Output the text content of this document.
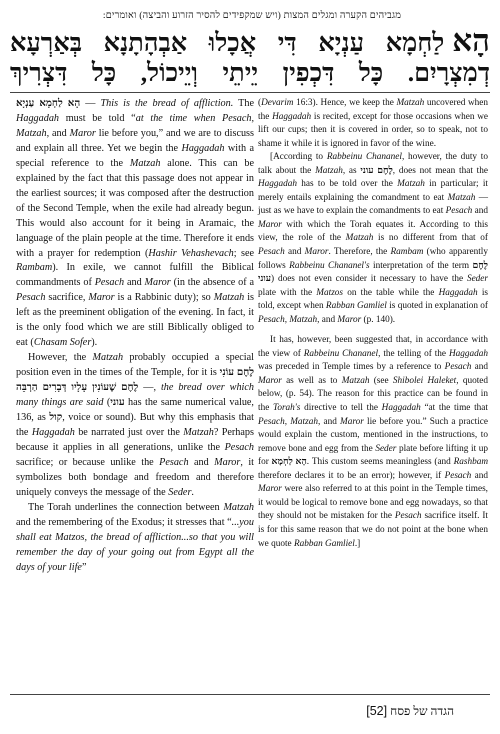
מגביהים הקערה ומגלים המצות (ויש שמקפידים להסיר הזרוע והביצה) ואומרים:
הָאלַחְמָא עַנְיָא דִּי אֲכָלוּ אַבְהָתָנָא בְּאַרְעָא
דְמִצְרָיִם. כָּל דִּכְפִין יֵיתֵי וְיֵיכוֹל, כָּל דִּצְרִיךְ

הָא לַחְמָא עַנְיָא — This is the bread of affliction. The Haggadah must be told “at the time when Pesach, Matzah, and Maror lie before you,” and we are to discuss and explain all three. Yet we begin the Haggadah with a special reference to the Matzah alone. This can be explained by the fact that this passage does not appear in the earliest sources; it was composed after the destruction of the Second Temple, when the exile had already begun. This would also account for it being in Aramaic, the language of the plain people at the time. Therefore it ends with a prayer for redemption (Hashir Vehashevach; see Rambam). In exile, we cannot fulfill the Biblical commandments of Pesach and Maror (in the absence of a Pesach sacrifice, Maror is a Rabbinic duty); so Matzah is left as the preeminent obligation of the evening. In fact, it is the only food which we are still Biblically obliged to eat (Chasam Sofer).

However, the Matzah probably occupied a special position even in the times of the Temple, for it is לֶחֶם עוֹנִי — לֶחֶם שֶׁעוֹנִין עָלָיו דְּבָרִים הַרְבֵּה , the bread over which many things are said (עוני has the same numerical value, 136, as קול, voice or sound). But why this emphasis that the Haggadah be narrated just over the Matzah? Perhaps because it applies in all generations, unlike the Pesach sacrifice; or because unlike the Pesach and Maror, it symbolizes both bondage and freedom and therefore uniquely conveys the message of the Seder.

The Torah underlines the connection between Matzah and the remembering of the Exodus; it stresses that “...you shall eat Matzos, the bread of affliction...so that you will remember the day of your going out from Egypt all the days of your life”

(Devarim 16:3). Hence, we keep the Matzah uncovered when the Haggadah is recited, except for those occasions when we lift our cups; then it is covered in order, so to speak, not to shame it while it is ignored in favor of the wine.

[According to Rabbeinu Chananel, however, the duty to talk about the Matzah, as לֶחֶם עוני, does not mean that the Haggadah has to be told over the Matzah in particular; it merely entails explaining the comandment to eat Matzah — just as we have to explain the comandments to eat Pesach and Maror with which the Torah equates it. According to this view, the role of the Matzah is no different from that of Pesach and Maror. Therefore, the Rambam (who apparently follows Rabbeinu Chananel's interpretation of the term לֶחֶם עוני) does not even consider it necessary to have the Seder plate with the Matzos on the table while the Haggadah is told, except when Rabban Gamliel is quoted in explanation of Pesach, Matzah, and Maror (p. 140).

It has, however, been suggested that, in accordance with the view of Rabbeinu Chananel, the telling of the Haggadah was preceded in Temple times by a reference to Pesach and Maror as well as to Matzah (see Shibolei Haleket, quoted below, (p. 54). The reason for this practice can be found in the Torah's directive to tell the Haggadah “at the time that Pesach, Matzah, and Maror lie before you.” Such a practice would explain the custom, mentioned in the instructions, to remove bone and egg from the Seder plate before lifting it up for הָא לַחְמָא. This custom seems meaningless (and Rashbam therefore declares it to be an error); however, if Pesach and Maror were also referred to at this point in the Temple times, it would be logical to remove bone and egg nowadays, so that they should not be mistaken for the Pesach sacrifice itself. It is for this same reason that we do not point at the bone when we quote Rabban Gamliel.]

הגדה של פסח [52]
